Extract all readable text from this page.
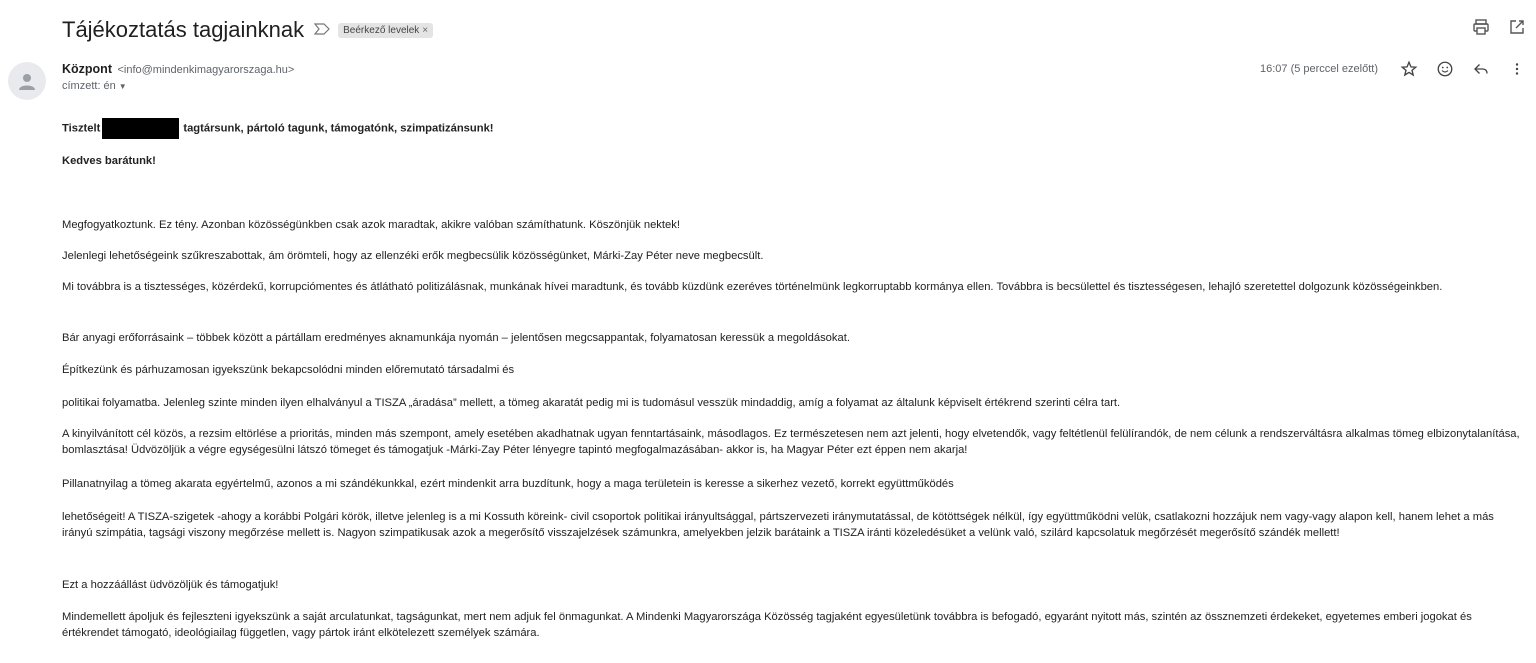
Tájékoztatás tagjainknak	Beérkező levelek ×
Központ <info@mindenkimagyarorszaga.hu>
címzett: én ▼
16:07 (5 perccel ezelőtt)
Tisztelt	tagtársunk, pártoló tagunk, támogatónk, szimpatizánsunk!

Kedves barátunk!

Megfogyatkoztunk. Ez tény. Azonban közösségünkben csak azok maradtak, akikre valóban számíthatunk. Köszönjük nektek!

Jelenlegi lehetőségeink szűkreszabottak, ám örömteli, hogy az ellenzéki erők megbecsülik közösségünket, Márki-Zay Péter neve megbecsült.

Mi továbbra is a tisztességes, közérdekű, korrupciómentes és átlátható politizálásnak, munkának hívei maradtunk, és tovább küzdünk ezeréves történelmünk legkorruptabb kormánya ellen. Továbbra is becsülettel és tisztességesen, lehajló szeretettel dolgozunk közösségeinkben.

Bár anyagi erőforrásaink – többek között a pártállam eredményes aknamunkája nyomán – jelentősen megcsappantak, folyamatosan keressük a megoldásokat.

Építkezünk és párhuzamosan igyekszünk bekapcsolódni minden előremutató társadalmi és

politikai folyamatba. Jelenleg szinte minden ilyen elhalványul a TISZA „áradása” mellett, a tömeg akaratát pedig mi is tudomásul vesszük mindaddig, amíg a folyamat az általunk képviselt értékrend szerinti célra tart.

A kinyilvánított cél közös, a rezsim eltörlése a prioritás, minden más szempont, amely esetében akadhatnak ugyan fenntartásaink, másodlagos. Ez természetesen nem azt jelenti, hogy elvetendők, vagy feltétlenül felülírandók, de nem célunk a rendszerváltásra alkalmas tömeg elbizonytalanítása, bomlasztása! Üdvözöljük a végre egységesülni látszó tömeget és támogatjuk -Márki-Zay Péter lényegre tapintó megfogalmazásában- akkor is, ha Magyar Péter ezt éppen nem akarja!

Pillanatnyilag a tömeg akarata egyértelmű, azonos a mi szándékunkkal, ezért mindenkit arra buzdítunk, hogy a maga területein is keresse a sikerhez vezető, korrekt együttműködés

lehetőségeit! A TISZA-szigetek -ahogy a korábbi Polgári körök, illetve jelenleg is a mi Kossuth köreink- civil csoportok politikai irányultsággal, pártszervezeti iránymutatással, de kötöttségek nélkül, így együttműködni velük, csatlakozni hozzájuk nem vagy-vagy alapon kell, hanem lehet a más irányú szimpátia, tagsági viszony megőrzése mellett is. Nagyon szimpatikusak azok a megerősítő visszajelzések számunkra, amelyekben jelzik barátaink a TISZA iránti közeledésüket a velünk való, szilárd kapcsolatuk megőrzését megerősítő szándék mellett!

Ezt a hozzáállást üdvözöljük és támogatjuk!

Mindemellett ápoljuk és fejleszteni igyekszünk a saját arculatunkat, tagságunkat, mert nem adjuk fel önmagunkat. A Mindenki Magyarországa Közösség tagjaként egyesületünk továbbra is befogadó, egyaránt nyitott más, szintén az össznemzeti érdekeket, egyetemes emberi jogokat és értékrendet támogató, ideológiailag független, vagy pártok iránt elkötelezett személyek számára.
